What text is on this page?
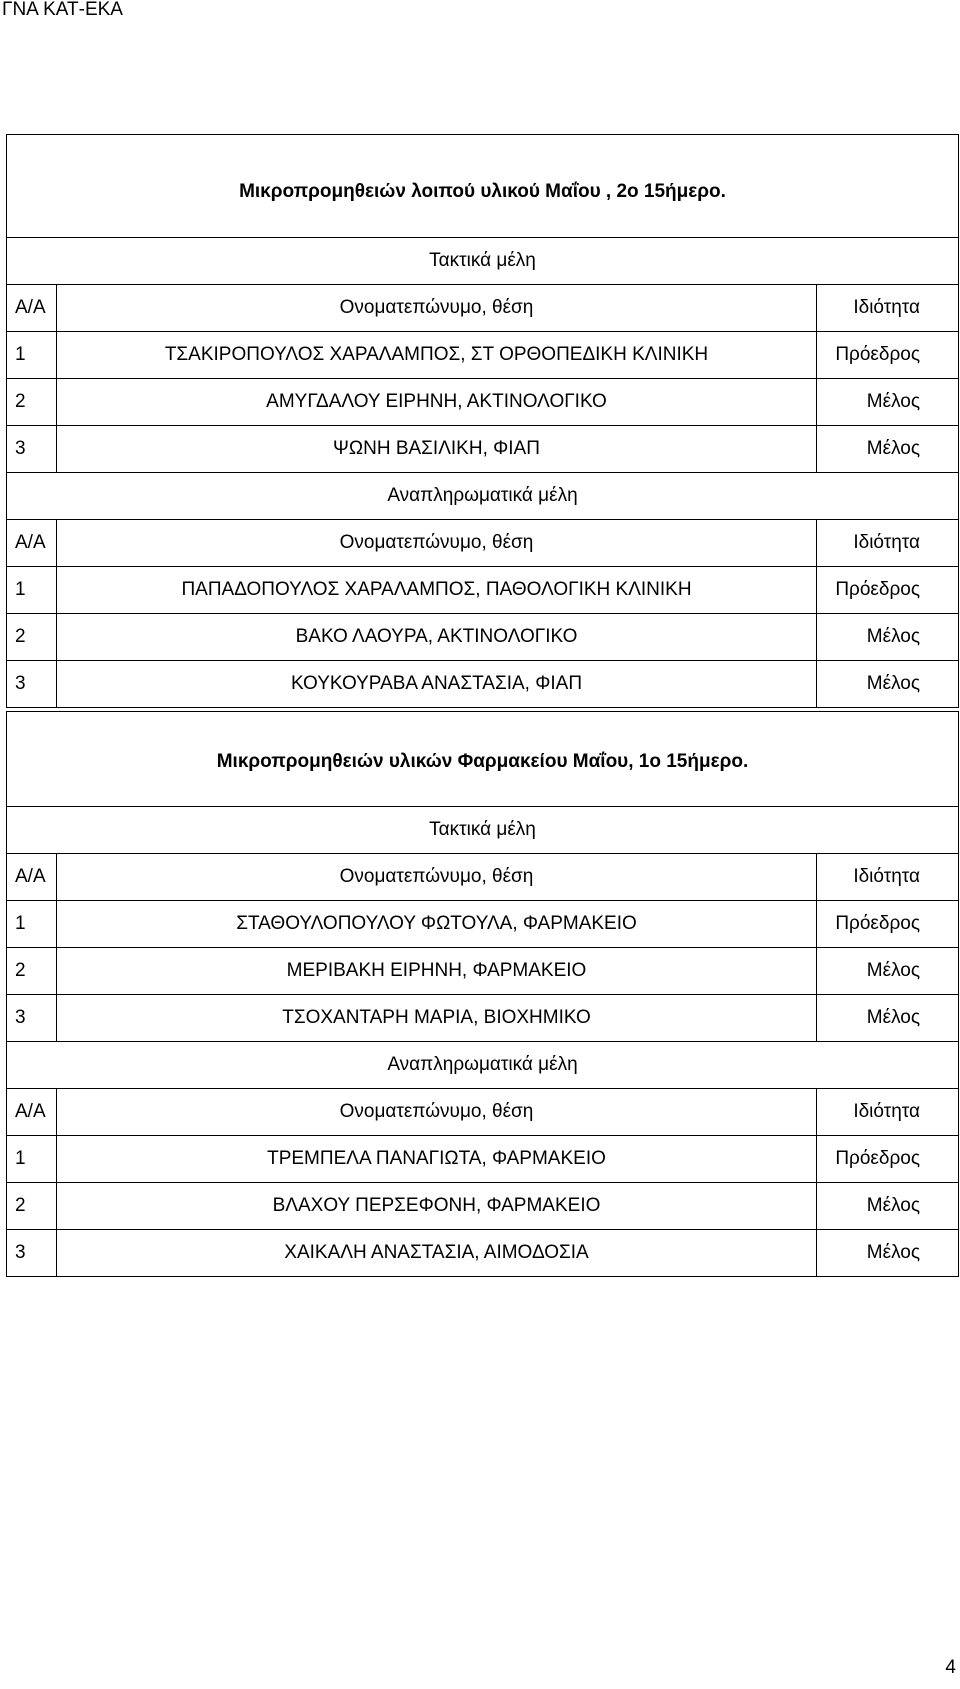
ΓΝΑ ΚΑΤ-ΕΚΑ
Μικροπρομηθειών λοιπού υλικού Μαΐου , 2ο 15ήμερο.		
Τακτικά μέλη		
Α/Α	Ονοματεπώνυμο, θέση	Ιδιότητα
1	ΤΣΑΚΙΡΟΠΟΥΛΟΣ ΧΑΡΑΛΑΜΠΟΣ, ΣΤ ΟΡΘΟΠΕΔΙΚΗ ΚΛΙΝΙΚΗ	Πρόεδρος
2	ΑΜΥΓΔΑΛΟΥ ΕΙΡΗΝΗ, ΑΚΤΙΝΟΛΟΓΙΚΟ	Μέλος
3	ΨΩΝΗ ΒΑΣΙΛΙΚΗ, ΦΙΑΠ	Μέλος
Αναπληρωματικά μέλη		
Α/Α	Ονοματεπώνυμο, θέση	Ιδιότητα
1	ΠΑΠΑΔΟΠΟΥΛΟΣ ΧΑΡΑΛΑΜΠΟΣ, ΠΑΘΟΛΟΓΙΚΗ ΚΛΙΝΙΚΗ	Πρόεδρος
2	ΒΑΚΟ ΛΑΟΥΡΑ, ΑΚΤΙΝΟΛΟΓΙΚΟ	Μέλος
3	ΚΟΥΚΟΥΡΑΒΑ ΑΝΑΣΤΑΣΙΑ, ΦΙΑΠ	Μέλος
Μικροπρομηθειών υλικών Φαρμακείου Μαΐου, 1ο 15ήμερο.		
Τακτικά μέλη		
Α/Α	Ονοματεπώνυμο, θέση	Ιδιότητα
1	ΣΤΑΘΟΥΛΟΠΟΥΛΟΥ ΦΩΤΟΥΛΑ, ΦΑΡΜΑΚΕΙΟ	Πρόεδρος
2	ΜΕΡΙΒΑΚΗ ΕΙΡΗΝΗ, ΦΑΡΜΑΚΕΙΟ	Μέλος
3	ΤΣΟΧΑΝΤΑΡΗ ΜΑΡΙΑ, ΒΙΟΧΗΜΙΚΟ	Μέλος
Αναπληρωματικά μέλη		
Α/Α	Ονοματεπώνυμο, θέση	Ιδιότητα
1	ΤΡΕΜΠΕΛΑ ΠΑΝΑΓΙΩΤΑ, ΦΑΡΜΑΚΕΙΟ	Πρόεδρος
2	ΒΛΑΧΟΥ ΠΕΡΣΕΦΟΝΗ, ΦΑΡΜΑΚΕΙΟ	Μέλος
3	ΧΑΙΚΑΛΗ ΑΝΑΣΤΑΣΙΑ, ΑΙΜΟΔΟΣΙΑ	Μέλος
4
